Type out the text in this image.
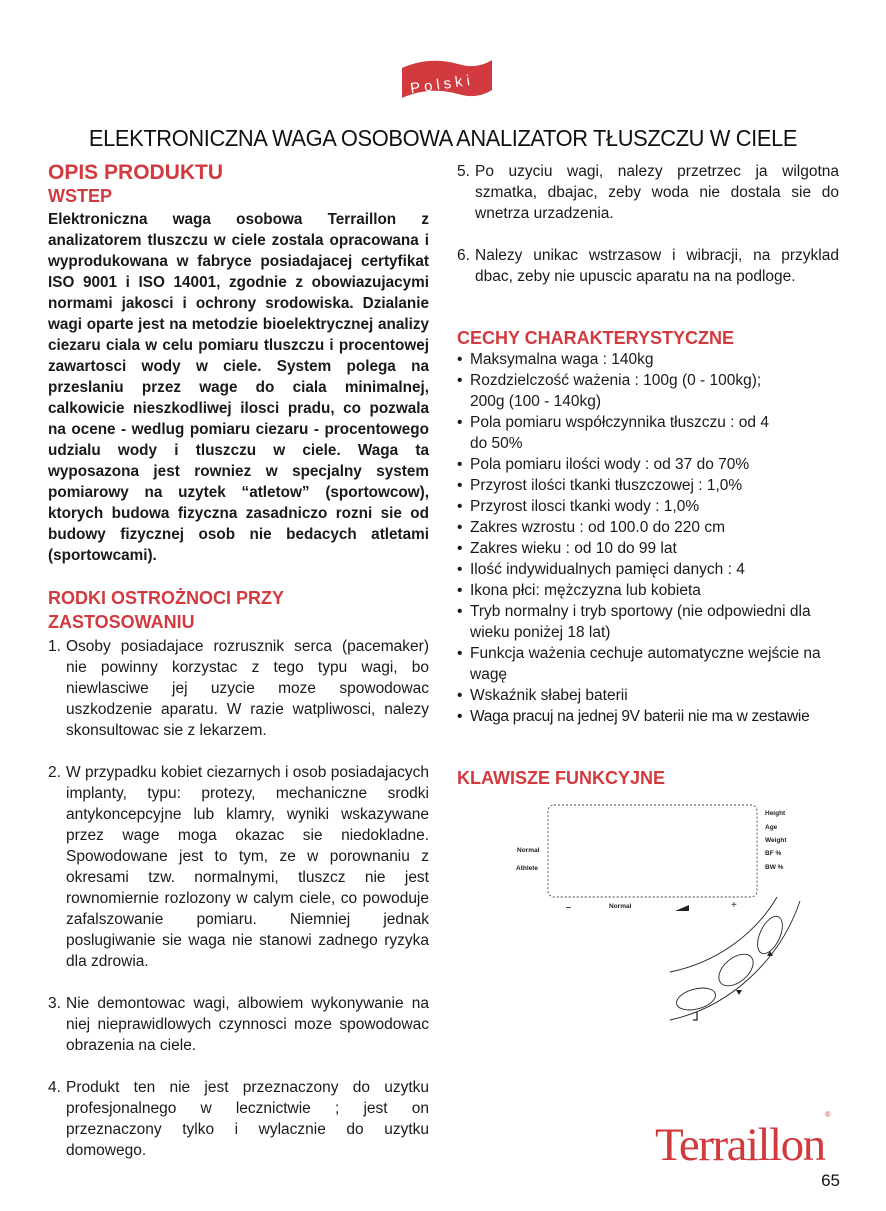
Polski
ELEKTRONICZNA WAGA OSOBOWA ANALIZATOR TŁUSZCZU W CIELE
OPIS PRODUKTU
WSTEP

Elektroniczna waga osobowa Terraillon z analizatorem tluszczu w ciele zostala opracowana i wyprodukowana w fabryce posiadajacej certyfikat ISO 9001 i ISO 14001, zgodnie z obowiazujacymi normami jakosci i ochrony srodowiska. Dzialanie wagi oparte jest na metodzie bioelektrycznej analizy ciezaru ciala w celu pomiaru tluszczu i procentowej zawartosci wody w ciele. System polega na przeslaniu przez wage do ciala minimalnej, calkowicie nieszkodliwej ilosci pradu, co pozwala na ocene - wedlug pomiaru ciezaru - procentowego udzialu wody i tluszczu w ciele. Waga ta wyposazona jest rowniez w specjalny system pomiarowy na uzytek “atletow” (sportowcow), ktorych budowa fizyczna zasadniczo rozni sie od budowy fizycznej osob nie bedacych atletami (sportowcami).

RODKI OSTROŻNOCI PRZY
ZASTOSOWANIU
1. Osoby posiadajace rozrusznik serca (pacemaker) nie powinny korzystac z tego typu wagi, bo niewlasciwe jej uzycie moze spowodowac uszkodzenie aparatu. W razie watpliwosci, nalezy skonsultowac sie z lekarzem.
2. W przypadku kobiet ciezarnych i osob posiadajacych implanty, typu: protezy, mechaniczne srodki antykoncepcyjne lub klamry, wyniki wskazywane przez wage moga okazac sie niedokladne. Spowodowane jest to tym, ze w porownaniu z okresami tzw. normalnymi, tluszcz nie jest rownomiernie rozlozony w calym ciele, co powoduje zafalszowanie pomiaru. Niemniej jednak poslugiwanie sie waga nie stanowi zadnego ryzyka dla zdrowia.
3. Nie demontowac wagi, albowiem wykonywanie na niej nieprawidlowych czynnosci moze spowodowac obrazenia na ciele.
4. Produkt ten nie jest przeznaczony do uzytku profesjonalnego w lecznictwie ; jest on przeznaczony tylko i wylacznie do uzytku domowego.
5. Po uzyciu wagi, nalezy przetrzec ja wilgotna szmatka, dbajac, zeby woda nie dostala sie do wnetrza urzadzenia.
6. Nalezy unikac wstrzasow i wibracji, na przyklad dbac, zeby nie upuscic aparatu na na podloge.
CECHY CHARAKTERYSTYCZNE
• Maksymalna waga : 140kg
• Rozdzielczość ważenia : 100g (0 - 100kg); 200g (100 - 140kg)
• Pola pomiaru współczynnika tłuszczu : od 4 do 50%
• Pola pomiaru ilości wody : od 37 do 70%
• Przyrost ilości tkanki tłuszczowej : 1,0%
• Przyrost ilosci tkanki wody : 1,0%
• Zakres wzrostu : od 100.0 do 220 cm
• Zakres wieku : od 10 do 99 lat
• Ilość indywidualnych pamięci danych : 4
• Ikona płci: mężczyzna lub kobieta
• Tryb normalny i tryb sportowy (nie odpowiedni dla wieku poniżej 18 lat)
• Funkcja ważenia cechuje automatyczne wejście na wagę
• Wskaźnik słabej baterii
• Waga pracuj na jednej 9V baterii nie ma w zestawie
KLAWISZE FUNKCYJNE
Normal
Athlete
Height
Age
Weight
BF %
BW %
–	Normal	+
Terraillon®
65
